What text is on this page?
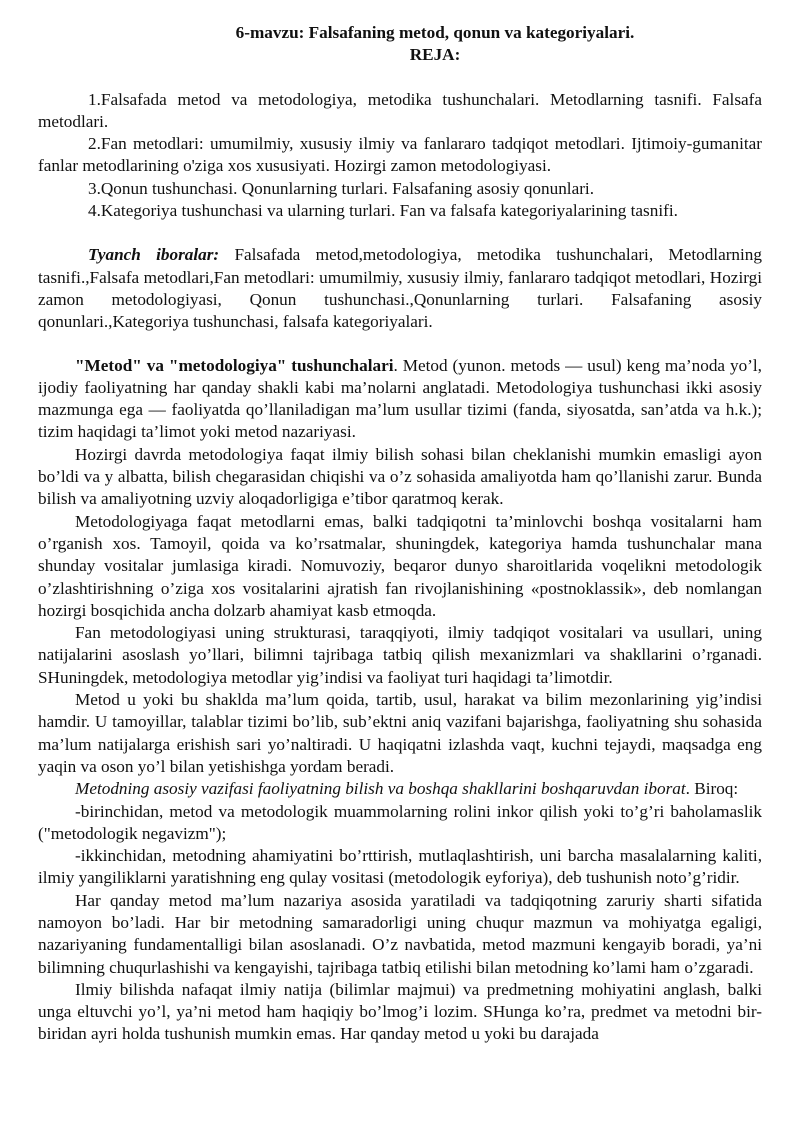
6-mavzu: Falsafaning metod, qonun va kategoriyalari.

REJA:

1.Falsafada metod va metodologiya, metodika tushunchalari. Metodlarning tasnifi. Falsafa metodlari.

2.Fan metodlari: umumilmiy, xususiy ilmiy va fanlararo tadqiqot metodlari. Ijtimoiy-gumanitar fanlar metodlarining o'ziga xos xususiyati. Hozirgi zamon metodologiyasi.

3.Qonun tushunchasi. Qonunlarning turlari. Falsafaning asosiy qonunlari.

4.Kategoriya tushunchasi va ularning turlari. Fan va falsafa kategoriyalarining tasnifi.

Tyanch iboralar: Falsafada metod,metodologiya, metodika tushunchalari, Metodlarning tasnifi.,Falsafa metodlari,Fan metodlari: umumilmiy, xususiy ilmiy, fanlararo tadqiqot metodlari, Hozirgi zamon metodologiyasi, Qonun tushunchasi.,Qonunlarning turlari. Falsafaning asosiy qonunlari.,Kategoriya tushunchasi, falsafa kategoriyalari.

"Metod" va "metodologiya" tushunchalari. Metod (yunon. metods — usul) keng ma’noda yo’l, ijodiy faoliyatning har qanday shakli kabi ma’nolarni anglatadi. Metodologiya tushunchasi ikki asosiy mazmunga ega — faoliyatda qo’llaniladigan ma’lum usullar tizimi (fanda, siyosatda, san’atda va h.k.); tizim haqidagi ta’limot yoki metod nazariyasi.

Hozirgi davrda metodologiya faqat ilmiy bilish sohasi bilan cheklanishi mumkin emasligi ayon bo’ldi va y albatta, bilish chegarasidan chiqishi va o’z sohasida amaliyotda ham qo’llanishi zarur. Bunda bilish va amaliyotning uzviy aloqadorligiga e’tibor qaratmoq kerak.

Metodologiyaga faqat metodlarni emas, balki tadqiqotni ta’minlovchi boshqa vositalarni ham o’rganish xos. Tamoyil, qoida va ko’rsatmalar, shuningdek, kategoriya hamda tushunchalar mana shunday vositalar jumlasiga kiradi. Nomuvoziy, beqaror dunyo sharoitlarida voqelikni metodologik o’zlashtirishning o’ziga xos vositalarini ajratish fan rivojlanishining «postnoklassik», deb nomlangan hozirgi bosqichida ancha dolzarb ahamiyat kasb etmoqda.

Fan metodologiyasi uning strukturasi, taraqqiyoti, ilmiy tadqiqot vositalari va usullari, uning natijalarini asoslash yo’llari, bilimni tajribaga tatbiq qilish mexanizmlari va shakllarini o’rganadi. SHuningdek, metodologiya metodlar yig’indisi va faoliyat turi haqidagi ta’limotdir.

Metod u yoki bu shaklda ma’lum qoida, tartib, usul, harakat va bilim mezonlarining yig’indisi hamdir. U tamoyillar, talablar tizimi bo’lib, sub’ektni aniq vazifani bajarishga, faoliyatning shu sohasida ma’lum natijalarga erishish sari yo’naltiradi. U haqiqatni izlashda vaqt, kuchni tejaydi, maqsadga eng yaqin va oson yo’l bilan yetishishga yordam beradi.

Metodning asosiy vazifasi faoliyatning bilish va boshqa shakllarini boshqaruvdan iborat. Biroq:

-birinchidan, metod va metodologik muammolarning rolini inkor qilish yoki to’g’ri baholamaslik ("metodologik negavizm");

-ikkinchidan, metodning ahamiyatini bo’rttirish, mutlaqlashtirish, uni barcha masalalarning kaliti, ilmiy yangiliklarni yaratishning eng qulay vositasi (metodologik eyforiya), deb tushunish noto’g’ridir.

Har qanday metod ma’lum nazariya asosida yaratiladi va tadqiqotning zaruriy sharti sifatida namoyon bo’ladi. Har bir metodning samaradorligi uning chuqur mazmun va mohiyatga egaligi, nazariyaning fundamentalligi bilan asoslanadi. O’z navbatida, metod mazmuni kengayib boradi, ya’ni bilimning chuqurlashishi va kengayishi, tajribaga tatbiq etilishi bilan metodning ko’lami ham o’zgaradi.

Ilmiy bilishda nafaqat ilmiy natija (bilimlar majmui) va predmetning mohiyatini anglash, balki unga eltuvchi yo’l, ya’ni metod ham haqiqiy bo’lmog’i lozim. SHunga ko’ra, predmet va metodni bir-biridan ayri holda tushunish mumkin emas. Har qanday metod u yoki bu darajada
